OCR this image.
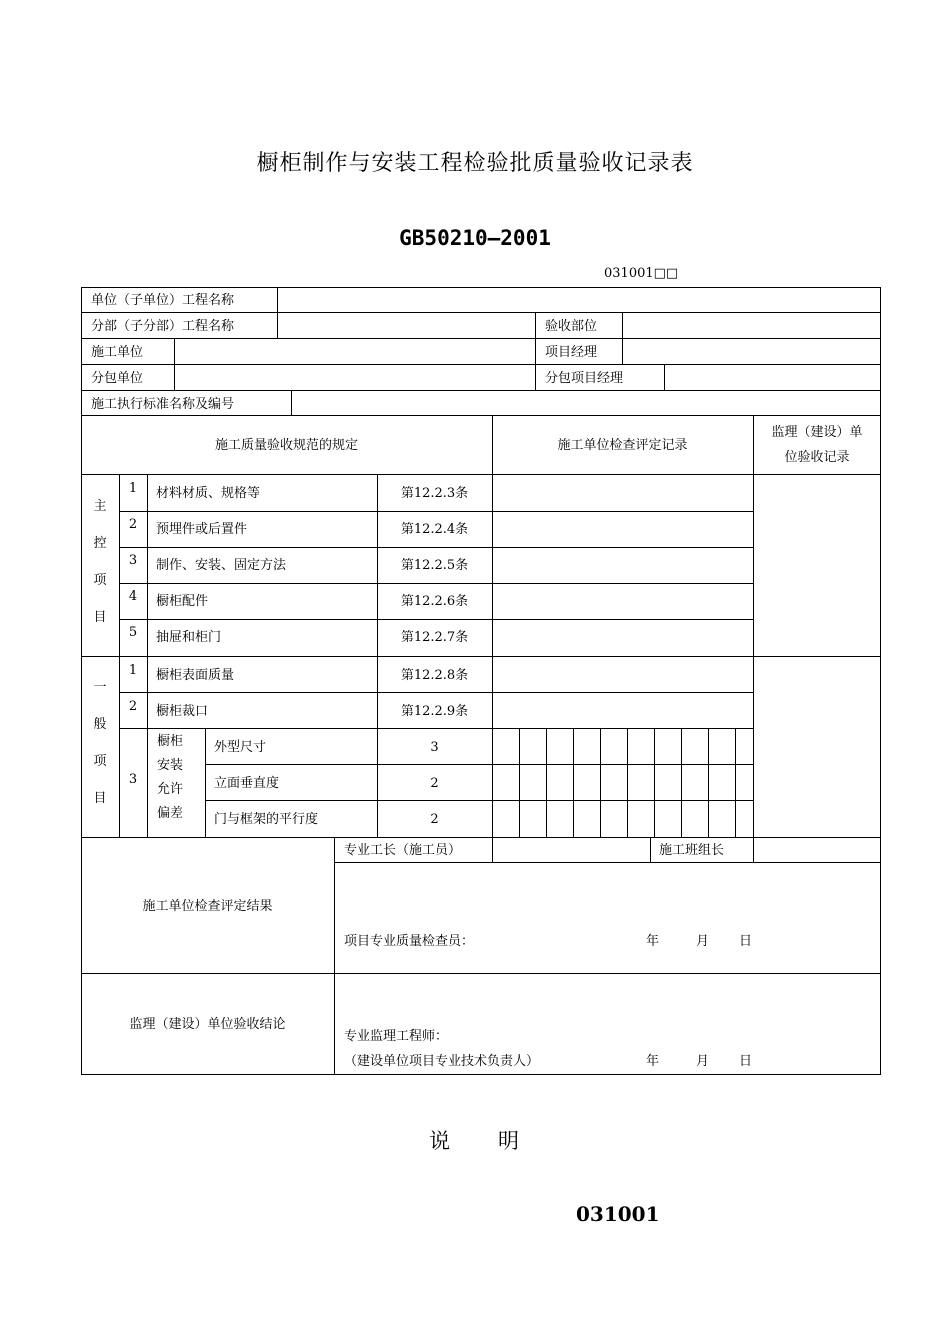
橱柜制作与安装工程检验批质量验收记录表
GB50210—2001
031001□□
单位（子单位）工程名称
分部（子分部）工程名称	验收部位
施工单位	项目经理
分包单位	分包项目经理
施工执行标准名称及编号
施工质量验收规范的规定	施工单位检查评定记录
监理（建设）单
位验收记录
主
控
项
目
1	材料材质、规格等	第12.2.3条
2	预埋件或后置件	第12.2.4条
3	制作、安装、固定方法	第12.2.5条
4	橱柜配件	第12.2.6条
5	抽屉和柜门	第12.2.7条
一
般
项
目
1	橱柜表面质量	第12.2.8条
2	橱柜裁口	第12.2.9条
3
橱柜安装允许偏差
外型尺寸	3
立面垂直度	2
门与框架的平行度	2
专业工长（施工员）	施工班组长
施工单位检查评定结果
项目专业质量检查员：	年	月 日
监理（建设）单位验收结论
专业监理工程师：
（建设单位项目专业技术负责人）	年	月 日
说　　明
031001
